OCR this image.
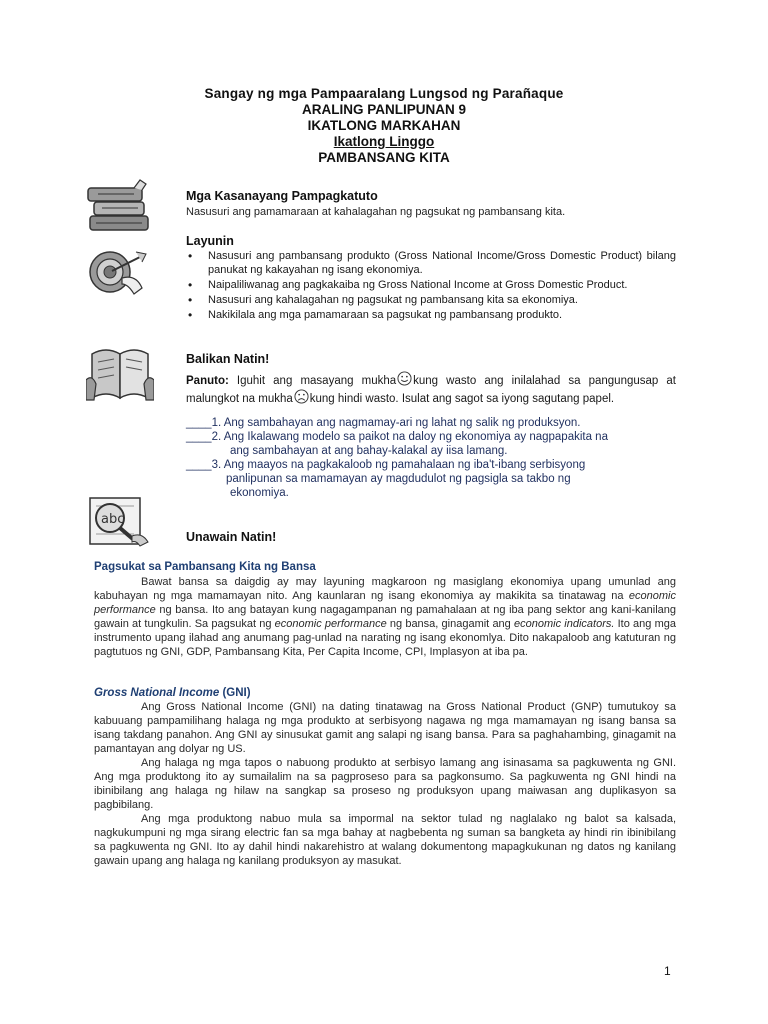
Sangay ng mga Pampaaralang Lungsod ng Parañaque
ARALING PANLIPUNAN 9
IKATLONG MARKAHAN
Ikatlong Linggo
PAMBANSANG KITA
Mga Kasanayang Pampagkatuto
Nasusuri ang pamamaraan at kahalagahan ng pagsukat ng pambansang kita.
Layunin
• Nasusuri ang pambansang produkto (Gross National Income/Gross Domestic Product) bilang panukat ng kakayahan ng isang ekonomiya.
• Naipaliliwanag ang pagkakaiba ng Gross National Income at Gross Domestic Product.
• Nasusuri ang kahalagahan ng pagsukat ng pambansang kita sa ekonomiya.
• Nakikilala ang mga pamamaraan sa pagsukat ng pambansang produkto.
Balikan Natin!
Panuto: Iguhit ang masayang mukha kung wasto ang inilalahad sa pangungusap at malungkot na mukha kung hindi wasto. Isulat ang sagot sa iyong sagutang papel.
____1. Ang sambahayan ang nagmamay-ari ng lahat ng salik ng produksyon.
____2. Ang Ikalawang modelo sa paikot na daloy ng ekonomiya ay nagpapakita na
ang sambahayan at ang bahay-kalakal ay iisa lamang.
____3. Ang maayos na pagkakaloob ng pamahalaan ng iba't-ibang serbisyong
panlipunan sa mamamayan ay magdudulot ng pagsigla sa takbo ng
ekonomiya.
abc
Unawain Natin!
Pagsukat sa Pambansang Kita ng Bansa
Bawat bansa sa daigdig ay may layuning magkaroon ng masiglang ekonomiya upang umunlad ang kabuhayan ng mga mamamayan nito. Ang kaunlaran ng isang ekonomiya ay makikita sa tinatawag na economic performance ng bansa. Ito ang batayan kung nagagampanan ng pamahalaan at ng iba pang sektor ang kani-kanilang gawain at tungkulin. Sa pagsukat ng economic performance ng bansa, ginagamit ang economic indicators. Ito ang mga instrumento upang ilahad ang anumang pag-unlad na narating ng isang ekonomlya. Dito nakapaloob ang katuturan ng pagtutuos ng GNI, GDP, Pambansang Kita, Per Capita Income, CPI, Implasyon at iba pa.
Gross National Income (GNI)
Ang Gross National Income (GNI) na dating tinatawag na Gross National Product (GNP) tumutukoy sa kabuuang pampamilihang halaga ng mga produkto at serbisyong nagawa ng mga mamamayan ng isang bansa sa isang takdang panahon. Ang GNI ay sinusukat gamit ang salapi ng isang bansa. Para sa paghahambing, ginagamit na pamantayan ang dolyar ng US.
Ang halaga ng mga tapos o nabuong produkto at serbisyo lamang ang isinasama sa pagkuwenta ng GNI. Ang mga produktong ito ay sumailalim na sa pagproseso para sa pagkonsumo. Sa pagkuwenta ng GNI hindi na ibinibilang ang halaga ng hilaw na sangkap sa proseso ng produksyon upang maiwasan ang duplikasyon sa pagbibilang.
Ang mga produktong nabuo mula sa impormal na sektor tulad ng naglalako ng balot sa kalsada, nagkukumpuni ng mga sirang electric fan sa mga bahay at nagbebenta ng suman sa bangketa ay hindi rin ibinibilang sa pagkuwenta ng GNI. Ito ay dahil hindi nakarehistro at walang dokumentong mapagkukunan ng datos ng kanilang gawain upang ang halaga ng kanilang produksyon ay masukat.
1
